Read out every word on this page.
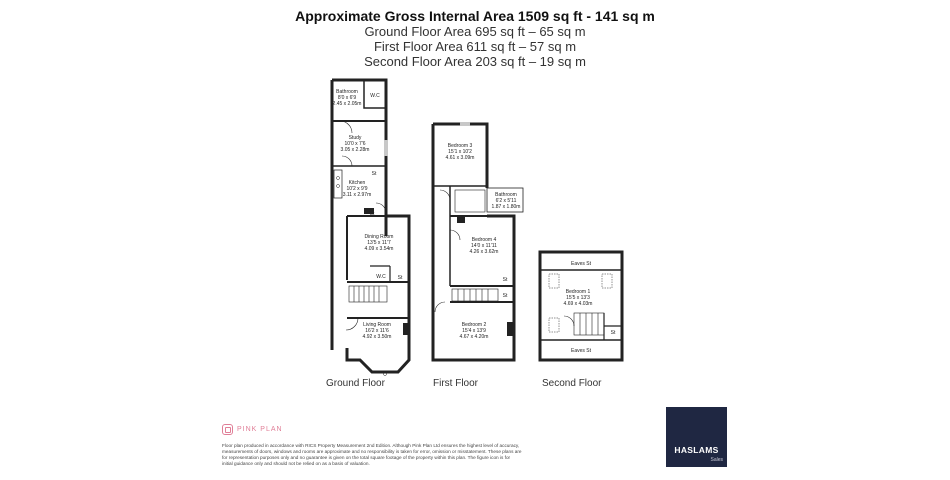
Approximate Gross Internal Area 1509 sq ft - 141 sq m
Ground Floor Area 695 sq ft – 65 sq m
First Floor Area 611 sq ft – 57 sq m
Second Floor Area 203 sq ft – 19 sq m
Bathroom
8'0 x 6'9
2.45 x 2.05m
W.C
Study
10'0 x 7'6
3.05 x 2.28m
St
Kitchen
10'2 x 9'9
3.11 x 2.97m
St
Dining Room
13'5 x 11'7
4.09 x 3.54m
W.C St
Living Room
16'2 x 11'6
4.92 x 3.50m
Bedroom 3
15'1 x 10'2
4.61 x 3.09m
Bathroom
6'2 x 5'11
1.87 x 1.80m
Bedroom 4
14'0 x 11'11
4.26 x 3.62m
St
St
Bedroom 2
15'4 x 13'9
4.67 x 4.20m
Eaves St
Bedroom 1
15'5 x 13'3
4.69 x 4.03m
St
Eaves St
Ground Floor	First Floor	Second Floor
PINK PLAN
Floor plan produced in accordance with RICS Property Measurement 2nd Edition. Although Pink Plan Ltd ensures the highest level of accuracy, measurements of doors, windows and rooms are approximate and no responsibility is taken for error, omission or misstatement. These plans are for representation purposes only and no guarantee is given on the total square footage of the property within this plan. The figure icon is for initial guidance only and should not be relied on as a basis of valuation.
HASLAMS
Sales
